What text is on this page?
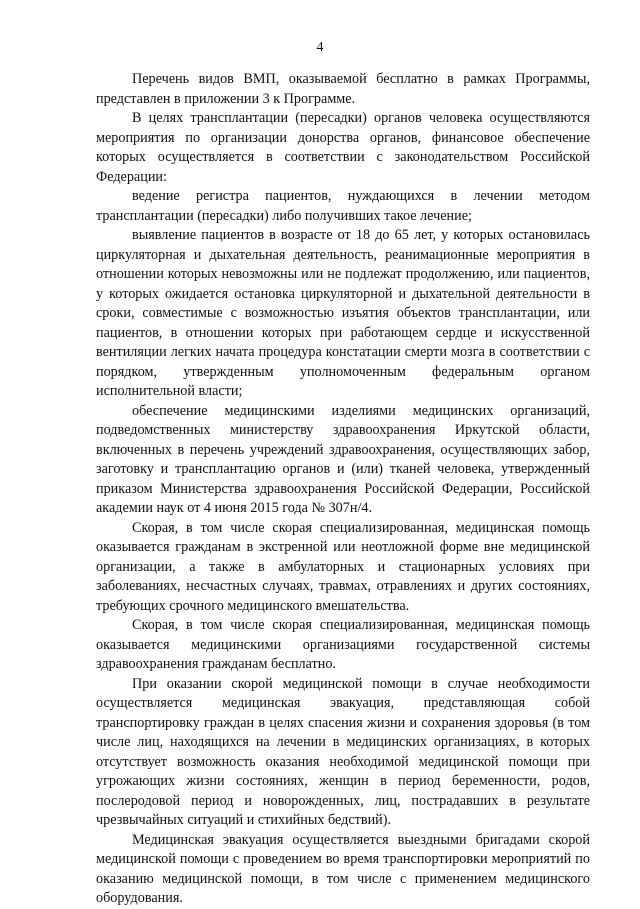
4

Перечень видов ВМП, оказываемой бесплатно в рамках Программы, представлен в приложении 3 к Программе.

В целях трансплантации (пересадки) органов человека осуществляются мероприятия по организации донорства органов, финансовое обеспечение которых осуществляется в соответствии с законодательством Российской Федерации:

ведение регистра пациентов, нуждающихся в лечении методом трансплантации (пересадки) либо получивших такое лечение;

выявление пациентов в возрасте от 18 до 65 лет, у которых остановилась циркуляторная и дыхательная деятельность, реанимационные мероприятия в отношении которых невозможны или не подлежат продолжению, или пациентов, у которых ожидается остановка циркуляторной и дыхательной деятельности в сроки, совместимые с возможностью изъятия объектов трансплантации, или пациентов, в отношении которых при работающем сердце и искусственной вентиляции легких начата процедура констатации смерти мозга в соответствии с порядком, утвержденным уполномоченным федеральным органом исполнительной власти;

обеспечение медицинскими изделиями медицинских организаций, подведомственных министерству здравоохранения Иркутской области, включенных в перечень учреждений здравоохранения, осуществляющих забор, заготовку и трансплантацию органов и (или) тканей человека, утвержденный приказом Министерства здравоохранения Российской Федерации, Российской академии наук от 4 июня 2015 года № 307н/4.

Скорая, в том числе скорая специализированная, медицинская помощь оказывается гражданам в экстренной или неотложной форме вне медицинской организации, а также в амбулаторных и стационарных условиях при заболеваниях, несчастных случаях, травмах, отравлениях и других состояниях, требующих срочного медицинского вмешательства.

Скорая, в том числе скорая специализированная, медицинская помощь оказывается медицинскими организациями государственной системы здравоохранения гражданам бесплатно.

При оказании скорой медицинской помощи в случае необходимости осуществляется медицинская эвакуация, представляющая собой транспортировку граждан в целях спасения жизни и сохранения здоровья (в том числе лиц, находящихся на лечении в медицинских организациях, в которых отсутствует возможность оказания необходимой медицинской помощи при угрожающих жизни состояниях, женщин в период беременности, родов, послеродовой период и новорожденных, лиц, пострадавших в результате чрезвычайных ситуаций и стихийных бедствий).

Медицинская эвакуация осуществляется выездными бригадами скорой медицинской помощи с проведением во время транспортировки мероприятий по оказанию медицинской помощи, в том числе с применением медицинского оборудования.
